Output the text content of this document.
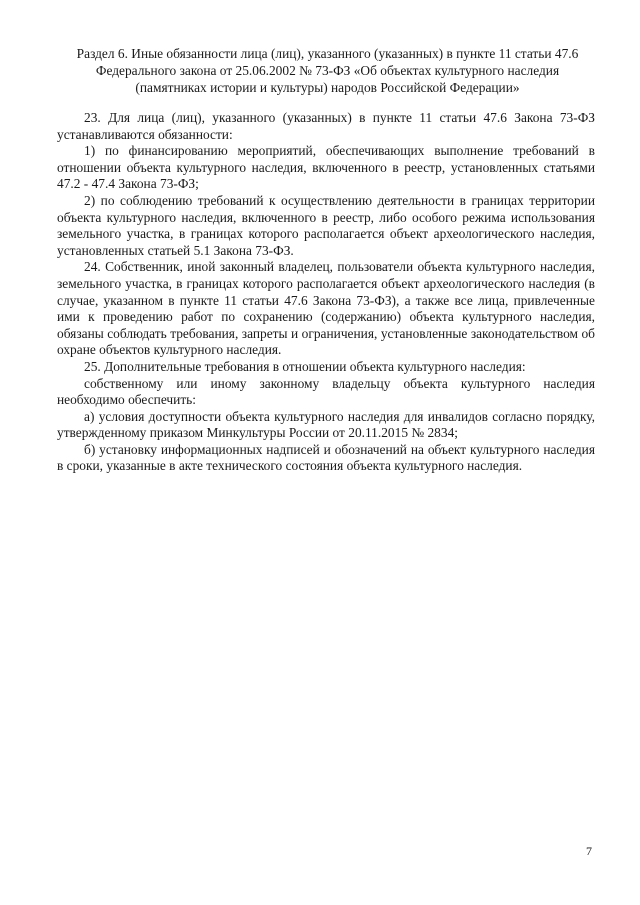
Раздел 6. Иные обязанности лица (лиц), указанного (указанных) в пункте 11 статьи 47.6 Федерального закона от 25.06.2002 № 73-ФЗ «Об объектах культурного наследия (памятниках истории и культуры) народов Российской Федерации»

23. Для лица (лиц), указанного (указанных) в пункте 11 статьи 47.6 Закона 73-ФЗ устанавливаются обязанности:

1) по финансированию мероприятий, обеспечивающих выполнение требований в отношении объекта культурного наследия, включенного в реестр, установленных статьями 47.2 - 47.4 Закона 73-ФЗ;

2) по соблюдению требований к осуществлению деятельности в границах территории объекта культурного наследия, включенного в реестр, либо особого режима использования земельного участка, в границах которого располагается объект археологического наследия, установленных статьей 5.1 Закона 73-ФЗ.

24. Собственник, иной законный владелец, пользователи объекта культурного наследия, земельного участка, в границах которого располагается объект археологического наследия (в случае, указанном в пункте 11 статьи 47.6 Закона 73-ФЗ), а также все лица, привлеченные ими к проведению работ по сохранению (содержанию) объекта культурного наследия, обязаны соблюдать требования, запреты и ограничения, установленные законодательством об охране объектов культурного наследия.

25. Дополнительные требования в отношении объекта культурного наследия:

собственному или иному законному владельцу объекта культурного наследия необходимо обеспечить:

а) условия доступности объекта культурного наследия для инвалидов согласно порядку, утвержденному приказом Минкультуры России от 20.11.2015 № 2834;

б) установку информационных надписей и обозначений на объект культурного наследия в сроки, указанные в акте технического состояния объекта культурного наследия.

7
